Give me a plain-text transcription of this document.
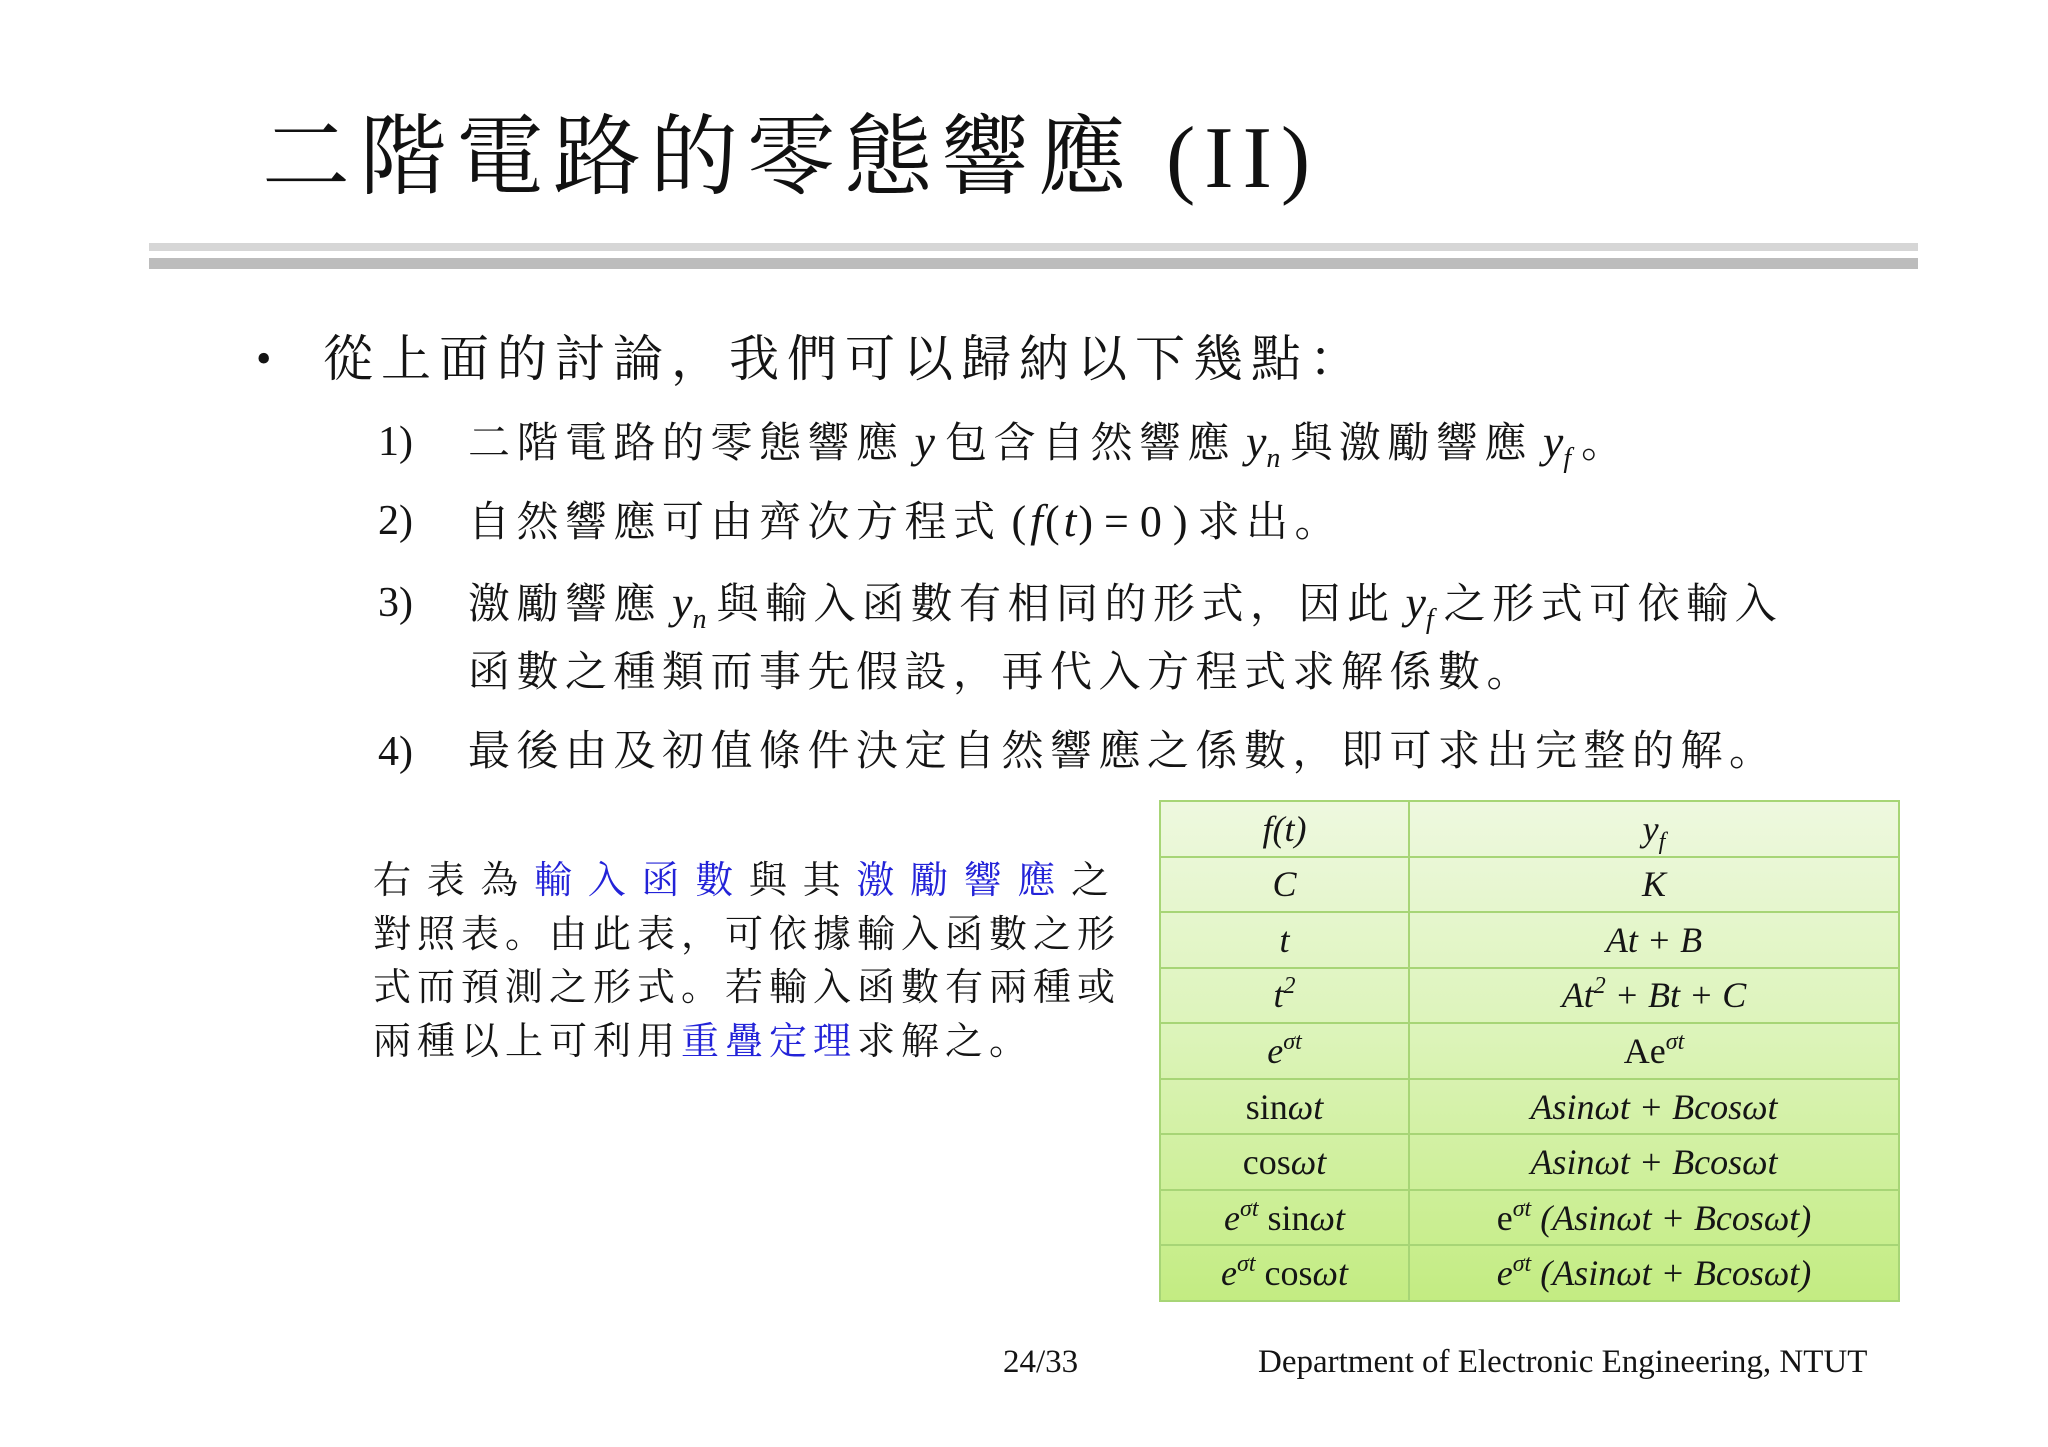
二階電路的零態響應 (II)
• 從上面的討論，我們可以歸納以下幾點：
1) 二階電路的零態響應 y 包含自然響應 $y_n$ 與激勵響應 $y_f$ 。
2) 自然響應可由齊次方程式 (f(t) = 0 ) 求出。
3) 激勵響應 $y_n$ 與輸入函數有相同的形式，因此 $y_f$ 之形式可依輸入
函數之種類而事先假設，再代入方程式求解係數。
4) 最後由及初值條件決定自然響應之係數，即可求出完整的解。
右表為輸入函數與其激勵響應之
對照表。由此表，可依據輸入函數之形
式而預測之形式。若輸入函數有兩種或
兩種以上可利用重疊定理求解之。
f(t)	$y_f$
C	K
t	At + B
$t^2$	$At^2 + Bt + C$
$e^{\sigma t}$	$Ae^{\sigma t}$
sinωt	Asinωt + Bcosωt
cosωt	Asinωt + Bcosωt
$e^{\sigma t}$ sinωt	$e^{\sigma t}$ (Asinωt + Bcosωt)
$e^{\sigma t}$ cosωt	$e^{\sigma t}$ (Asinωt + Bcosωt)
24/33	Department of Electronic Engineering, NTUT
